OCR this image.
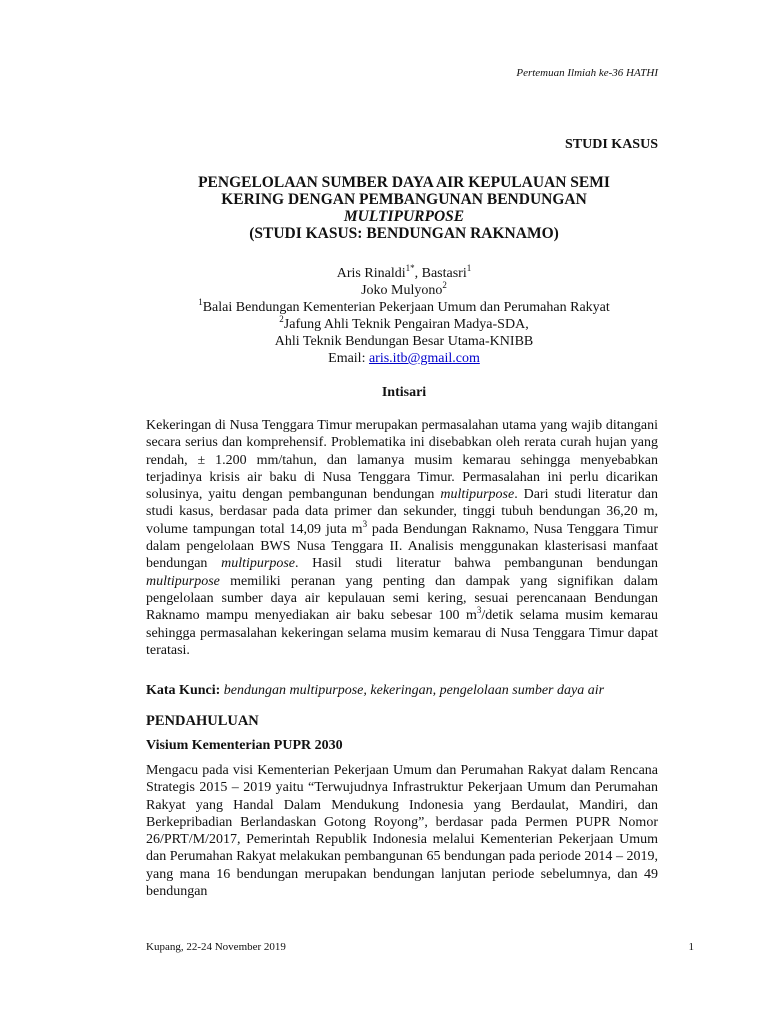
Pertemuan Ilmiah ke-36 HATHI
STUDI KASUS
PENGELOLAAN SUMBER DAYA AIR KEPULAUAN SEMI
KERING DENGAN PEMBANGUNAN BENDUNGAN
MULTIPURPOSE
(STUDI KASUS: BENDUNGAN RAKNAMO)
Aris Rinaldi$^{1*}$, Bastasri$^1$
Joko Mulyono$^2$
$^1$Balai Bendungan Kementerian Pekerjaan Umum dan Perumahan Rakyat
$^2$Jafung Ahli Teknik Pengairan Madya-SDA,
Ahli Teknik Bendungan Besar Utama-KNIBB
Email: aris.itb@gmail.com
Intisari
Kekeringan di Nusa Tenggara Timur merupakan permasalahan utama yang wajib ditangani secara serius dan komprehensif. Problematika ini disebabkan oleh rerata curah hujan yang rendah, ± 1.200 mm/tahun, dan lamanya musim kemarau sehingga menyebabkan terjadinya krisis air baku di Nusa Tenggara Timur. Permasalahan ini perlu dicarikan solusinya, yaitu dengan pembangunan bendungan multipurpose. Dari studi literatur dan studi kasus, berdasar pada data primer dan sekunder, tinggi tubuh bendungan 36,20 m, volume tampungan total 14,09 juta $m^3$ pada Bendungan Raknamo, Nusa Tenggara Timur dalam pengelolaan BWS Nusa Tenggara II. Analisis menggunakan klasterisasi manfaat bendungan multipurpose. Hasil studi literatur bahwa pembangunan bendungan multipurpose memiliki peranan yang penting dan dampak yang signifikan dalam pengelolaan sumber daya air kepulauan semi kering, sesuai perencanaan Bendungan Raknamo mampu menyediakan air baku sebesar 100 $m^3$/detik selama musim kemarau sehingga permasalahan kekeringan selama musim kemarau di Nusa Tenggara Timur dapat teratasi.
Kata Kunci: bendungan multipurpose, kekeringan, pengelolaan sumber daya air
PENDAHULUAN
Visium Kementerian PUPR 2030
Mengacu pada visi Kementerian Pekerjaan Umum dan Perumahan Rakyat dalam Rencana Strategis 2015 – 2019 yaitu “Terwujudnya Infrastruktur Pekerjaan Umum dan Perumahan Rakyat yang Handal Dalam Mendukung Indonesia yang Berdaulat, Mandiri, dan Berkepribadian Berlandaskan Gotong Royong”, berdasar pada Permen PUPR Nomor 26/PRT/M/2017, Pemerintah Republik Indonesia melalui Kementerian Pekerjaan Umum dan Perumahan Rakyat melakukan pembangunan 65 bendungan pada periode 2014 – 2019, yang mana 16 bendungan merupakan bendungan lanjutan periode sebelumnya, dan 49 bendungan
Kupang, 22-24 November 2019	1
